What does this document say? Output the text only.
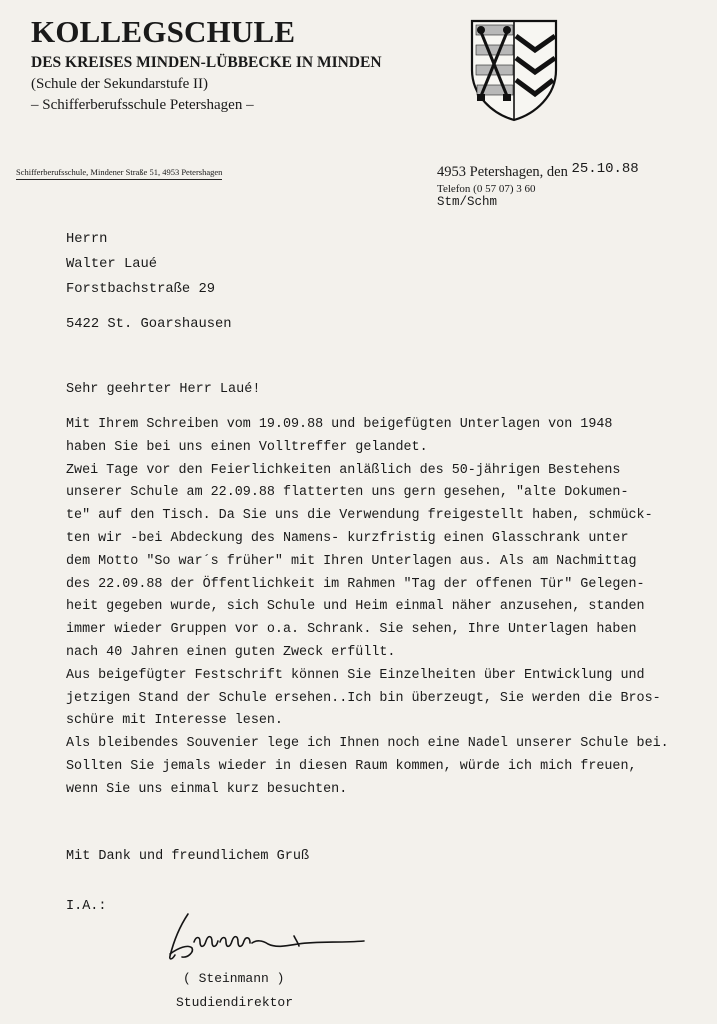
KOLLEGSCHULE
DES KREISES MINDEN-LÜBBECKE IN MINDEN
(Schule der Sekundarstufe II)
– Schifferberufsschule Petershagen –
Schifferberufsschule, Mindener Straße 51, 4953 Petershagen	4953 Petershagen, den 25.10.88
Telefon (0 57 07) 3 60
Stm/Schm
Herrn
Walter Laué
Forstbachstraße 29
5422 St. Goarshausen
Sehr geehrter Herr Laué!
Mit Ihrem Schreiben vom 19.09.88 und beigefügten Unterlagen von 1948
haben Sie bei uns einen Volltreffer gelandet.
Zwei Tage vor den Feierlichkeiten anläßlich des 50-jährigen Bestehens
unserer Schule am 22.09.88 flatterten uns gern gesehen, "alte Dokumen-
te" auf den Tisch. Da Sie uns die Verwendung freigestellt haben, schmück-
ten wir -bei Abdeckung des Namens- kurzfristig einen Glasschrank unter
dem Motto "So war´s früher" mit Ihren Unterlagen aus. Als am Nachmittag
des 22.09.88 der Öffentlichkeit im Rahmen "Tag der offenen Tür" Gelegen-
heit gegeben wurde, sich Schule und Heim einmal näher anzusehen, standen
immer wieder Gruppen vor o.a. Schrank. Sie sehen, Ihre Unterlagen haben
nach 40 Jahren einen guten Zweck erfüllt.
Aus beigefügter Festschrift können Sie Einzelheiten über Entwicklung und
jetzigen Stand der Schule ersehen..Ich bin überzeugt, Sie werden die Bros-
schüre mit Interesse lesen.
Als bleibendes Souvenier lege ich Ihnen noch eine Nadel unserer Schule bei.
Sollten Sie jemals wieder in diesen Raum kommen, würde ich mich freuen,
wenn Sie uns einmal kurz besuchten.
Mit Dank und freundlichem Gruß
I.A.:
( Steinmann )
Studiendirektor
